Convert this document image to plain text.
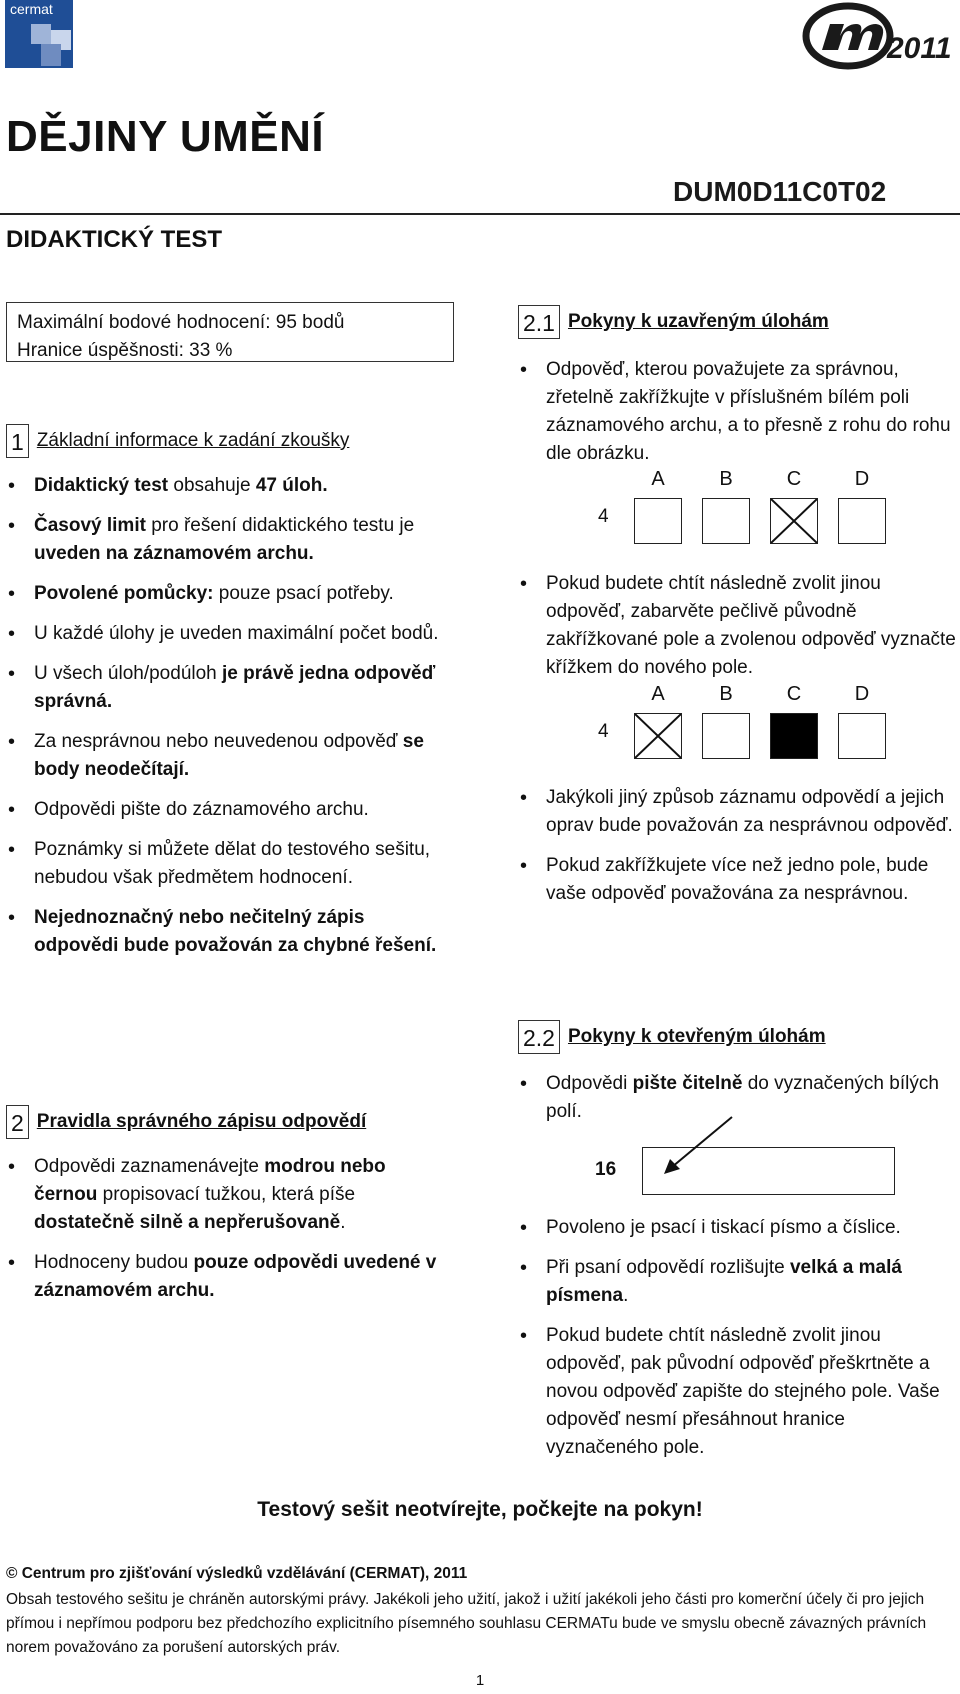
cermat
2011
DĚJINY UMĚNÍ
DUM0D11C0T02
DIDAKTICKÝ TEST
Maximální bodové hodnocení: 95 bodů
Hranice úspěšnosti: 33 %
1 Základní informace k zadání zkoušky
• Didaktický test obsahuje 47 úloh.
• Časový limit pro řešení didaktického testu je uveden na záznamovém archu.
• Povolené pomůcky: pouze psací potřeby.
• U každé úlohy je uveden maximální počet bodů.
• U všech úloh/podúloh je právě jedna odpověď správná.
• Za nesprávnou nebo neuvedenou odpověď se body neodečítají.
• Odpovědi pište do záznamového archu.
• Poznámky si můžete dělat do testového sešitu, nebudou však předmětem hodnocení.
• Nejednoznačný nebo nečitelný zápis odpovědi bude považován za chybné řešení.
2 Pravidla správného zápisu odpovědí
• Odpovědi zaznamenávejte modrou nebo černou propisovací tužkou, která píše dostatečně silně a nepřerušovaně.
• Hodnoceny budou pouze odpovědi uvedené v záznamovém archu.
2.1 Pokyny k uzavřeným úlohám
• Odpověď, kterou považujete za správnou, zřetelně zakřížkujte v příslušném bílém poli záznamového archu, a to přesně z rohu do rohu dle obrázku.
4
A	B	C	D
• Pokud budete chtít následně zvolit jinou odpověď, zabarvěte pečlivě původně zakřížkované pole a zvolenou odpověď vyznačte křížkem do nového pole.
4
A	B	C	D
• Jakýkoli jiný způsob záznamu odpovědí a jejich oprav bude považován za nesprávnou odpověď.
• Pokud zakřížkujete více než jedno pole, bude vaše odpověď považována za nesprávnou.
2.2 Pokyny k otevřeným úlohám
• Odpovědi pište čitelně do vyznačených bílých polí.
16
• Povoleno je psací i tiskací písmo a číslice.
• Při psaní odpovědí rozlišujte velká a malá písmena.
• Pokud budete chtít následně zvolit jinou odpověď, pak původní odpověď přeškrtněte a novou odpověď zapište do stejného pole. Vaše odpověď nesmí přesáhnout hranice vyznačeného pole.
Testový sešit neotvírejte, počkejte na pokyn!
© Centrum pro zjišťování výsledků vzdělávání (CERMAT), 2011
Obsah testového sešitu je chráněn autorskými právy. Jakékoli jeho užití, jakož i užití jakékoli jeho části pro komerční účely či pro jejich přímou i nepřímou podporu bez předchozího explicitního písemného souhlasu CERMATu bude ve smyslu obecně závazných právních norem považováno za porušení autorských práv.
1
